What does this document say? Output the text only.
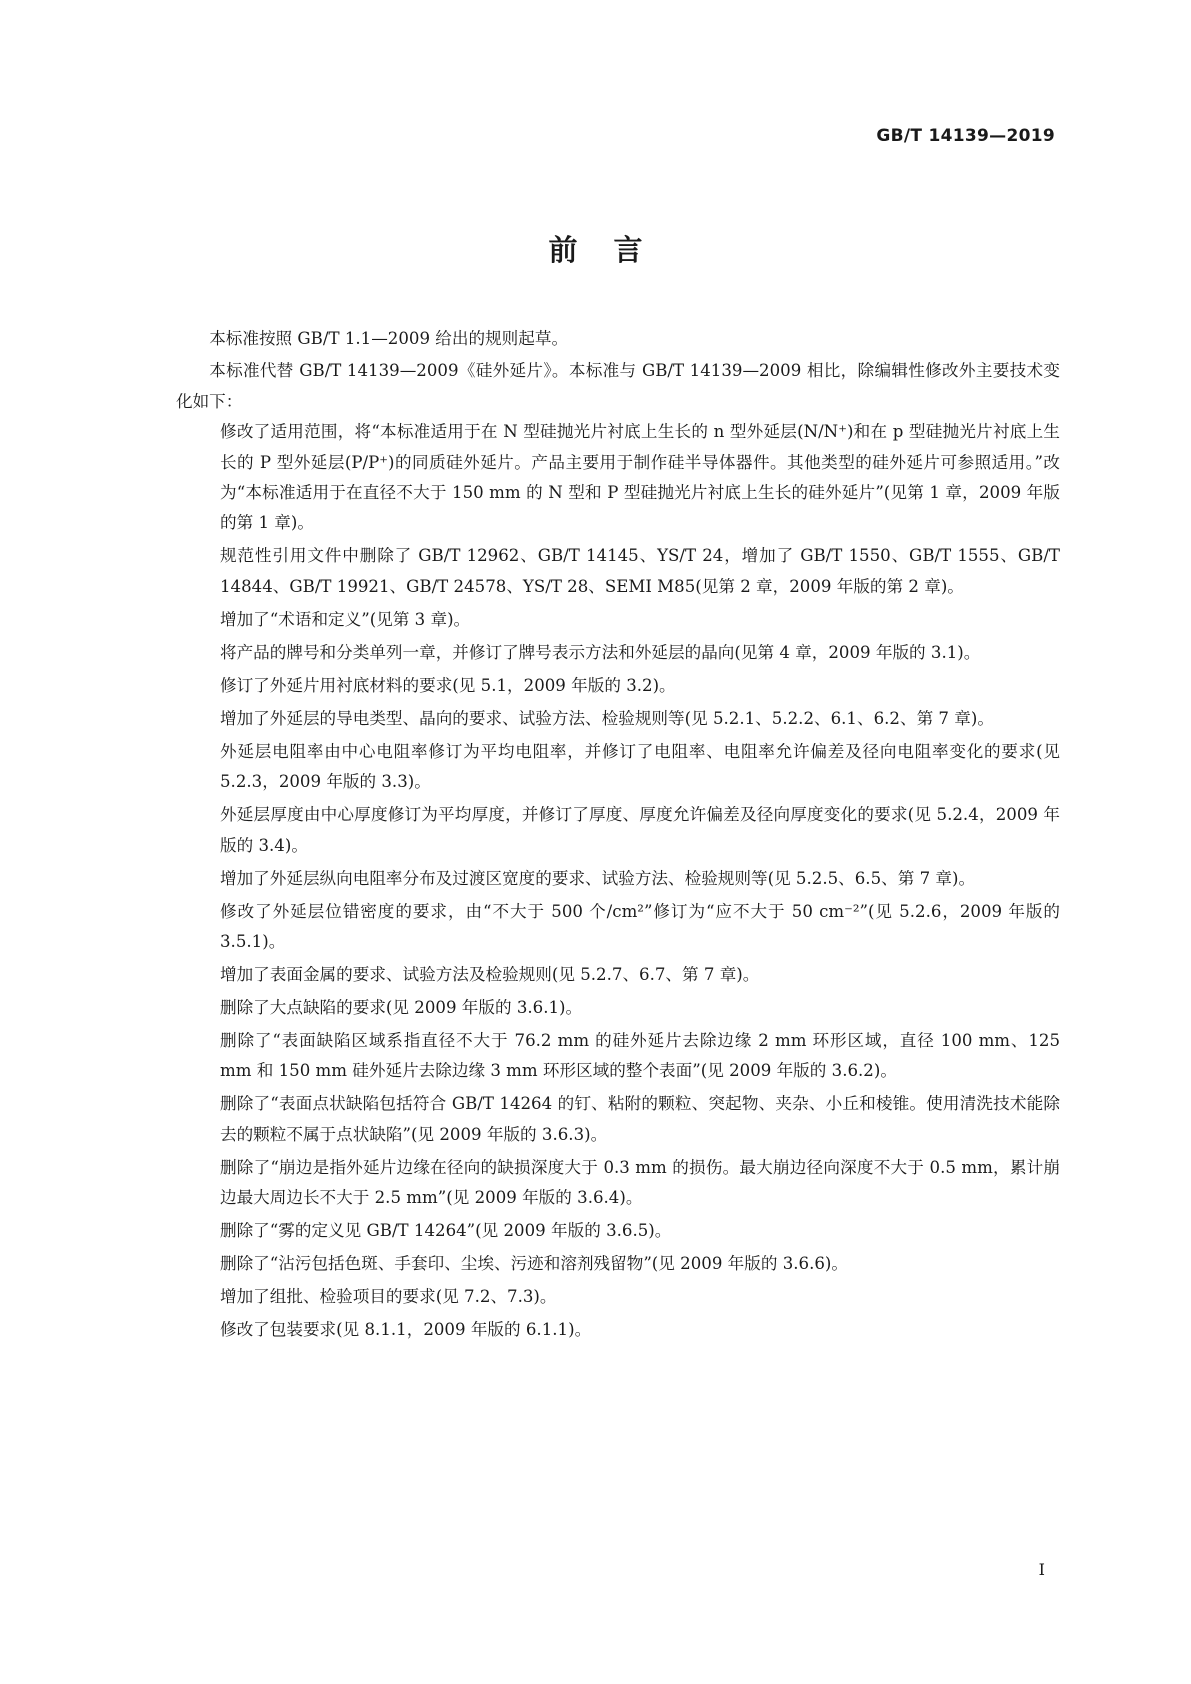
GB/T 14139—2019
前言

本标准按照 GB/T 1.1—2009 给出的规则起草。

本标准代替 GB/T 14139—2009《硅外延片》。本标准与 GB/T 14139—2009 相比，除编辑性修改外主要技术变化如下：

修改了适用范围，将“本标准适用于在 N 型硅抛光片衬底上生长的 n 型外延层(N/N⁺)和在 p 型硅抛光片衬底上生长的 P 型外延层(P/P⁺)的同质硅外延片。产品主要用于制作硅半导体器件。其他类型的硅外延片可参照适用。”改为“本标准适用于在直径不大于 150 mm 的 N 型和 P 型硅抛光片衬底上生长的硅外延片”(见第 1 章，2009 年版的第 1 章)。
规范性引用文件中删除了 GB/T 12962、GB/T 14145、YS/T 24，增加了 GB/T 1550、GB/T 1555、GB/T 14844、GB/T 19921、GB/T 24578、YS/T 28、SEMI M85(见第 2 章，2009 年版的第 2 章)。
增加了“术语和定义”(见第 3 章)。
将产品的牌号和分类单列一章，并修订了牌号表示方法和外延层的晶向(见第 4 章，2009 年版的 3.1)。
修订了外延片用衬底材料的要求(见 5.1，2009 年版的 3.2)。
增加了外延层的导电类型、晶向的要求、试验方法、检验规则等(见 5.2.1、5.2.2、6.1、6.2、第 7 章)。
外延层电阻率由中心电阻率修订为平均电阻率，并修订了电阻率、电阻率允许偏差及径向电阻率变化的要求(见 5.2.3，2009 年版的 3.3)。
外延层厚度由中心厚度修订为平均厚度，并修订了厚度、厚度允许偏差及径向厚度变化的要求(见 5.2.4，2009 年版的 3.4)。
增加了外延层纵向电阻率分布及过渡区宽度的要求、试验方法、检验规则等(见 5.2.5、6.5、第 7 章)。
修改了外延层位错密度的要求，由“不大于 500 个/cm²”修订为“应不大于 50 cm⁻²”(见 5.2.6，2009 年版的 3.5.1)。
增加了表面金属的要求、试验方法及检验规则(见 5.2.7、6.7、第 7 章)。
删除了大点缺陷的要求(见 2009 年版的 3.6.1)。
删除了“表面缺陷区域系指直径不大于 76.2 mm 的硅外延片去除边缘 2 mm 环形区域，直径 100 mm、125 mm 和 150 mm 硅外延片去除边缘 3 mm 环形区域的整个表面”(见 2009 年版的 3.6.2)。
删除了“表面点状缺陷包括符合 GB/T 14264 的钉、粘附的颗粒、突起物、夹杂、小丘和棱锥。使用清洗技术能除去的颗粒不属于点状缺陷”(见 2009 年版的 3.6.3)。
删除了“崩边是指外延片边缘在径向的缺损深度大于 0.3 mm 的损伤。最大崩边径向深度不大于 0.5 mm，累计崩边最大周边长不大于 2.5 mm”(见 2009 年版的 3.6.4)。
删除了“雾的定义见 GB/T 14264”(见 2009 年版的 3.6.5)。
删除了“沾污包括色斑、手套印、尘埃、污迹和溶剂残留物”(见 2009 年版的 3.6.6)。
增加了组批、检验项目的要求(见 7.2、7.3)。
修改了包装要求(见 8.1.1，2009 年版的 6.1.1)。
I
